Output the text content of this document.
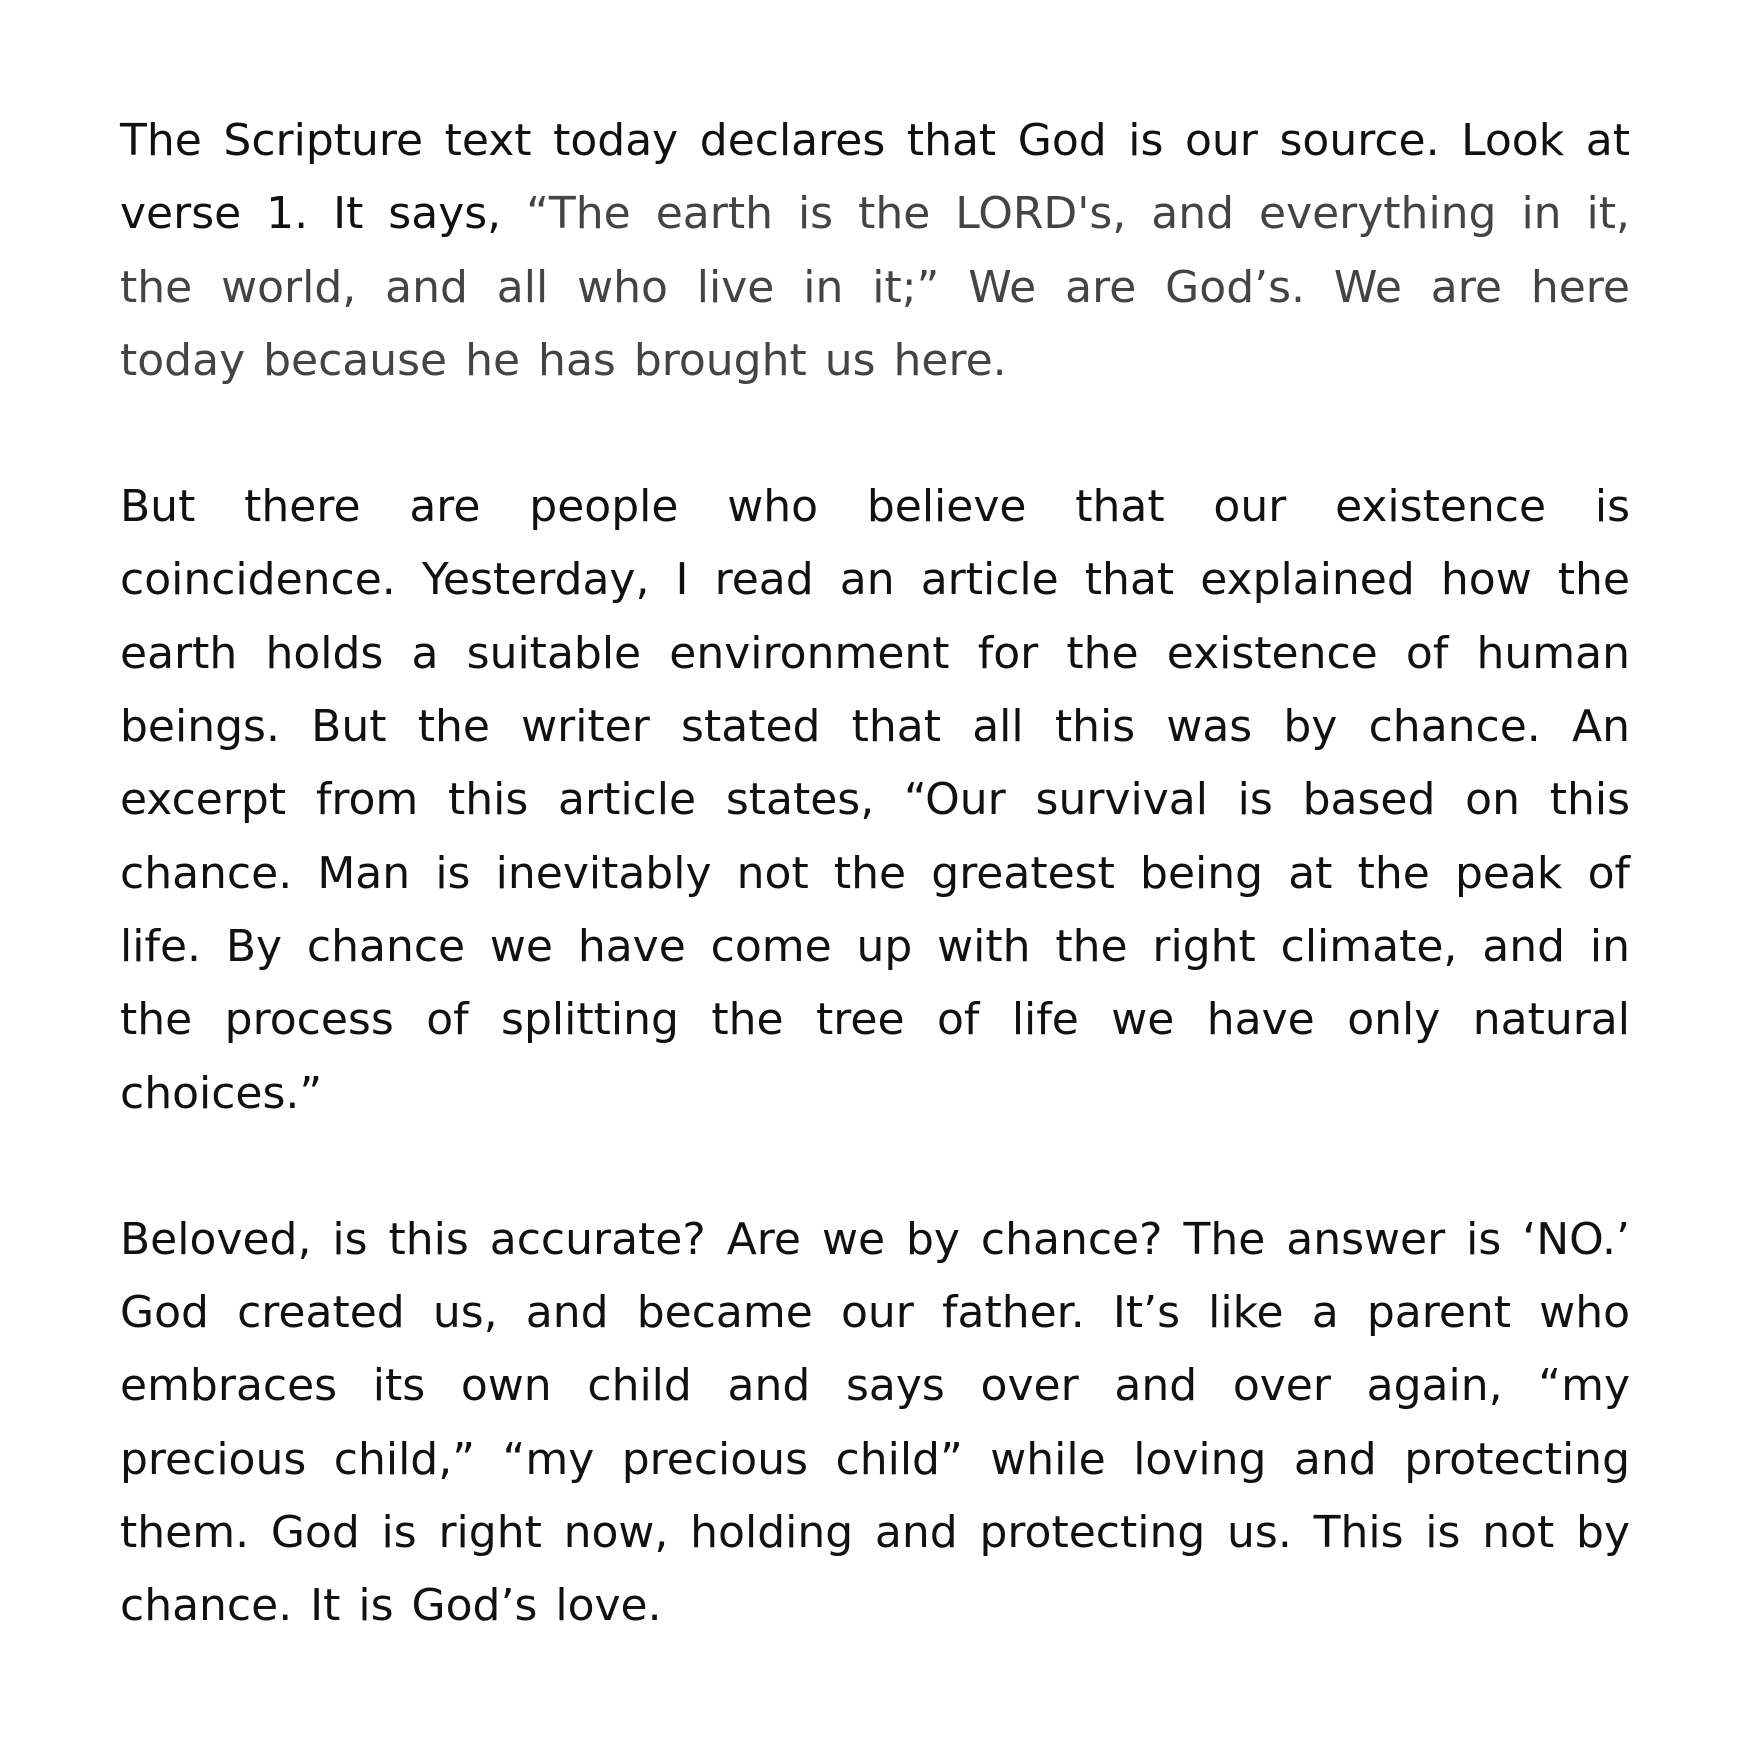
The Scripture text today declares that God is our source. Look at verse 1. It says, “The earth is the LORD's, and everything in it, the world, and all who live in it;” We are God’s. We are here today because he has brought us here.

But there are people who believe that our existence is coincidence. Yesterday, I read an article that explained how the earth holds a suitable environment for the existence of human beings. But the writer stated that all this was by chance. An excerpt from this article states, “Our survival is based on this chance. Man is inevitably not the greatest being at the peak of life. By chance we have come up with the right climate, and in the process of splitting the tree of life we have only natural choices.”

Beloved, is this accurate? Are we by chance? The answer is ‘NO.’ God created us, and became our father. It’s like a parent who embraces its own child and says over and over again, “my precious child,” “my precious child” while loving and protecting them. God is right now, holding and protecting us. This is not by chance. It is God’s love.
